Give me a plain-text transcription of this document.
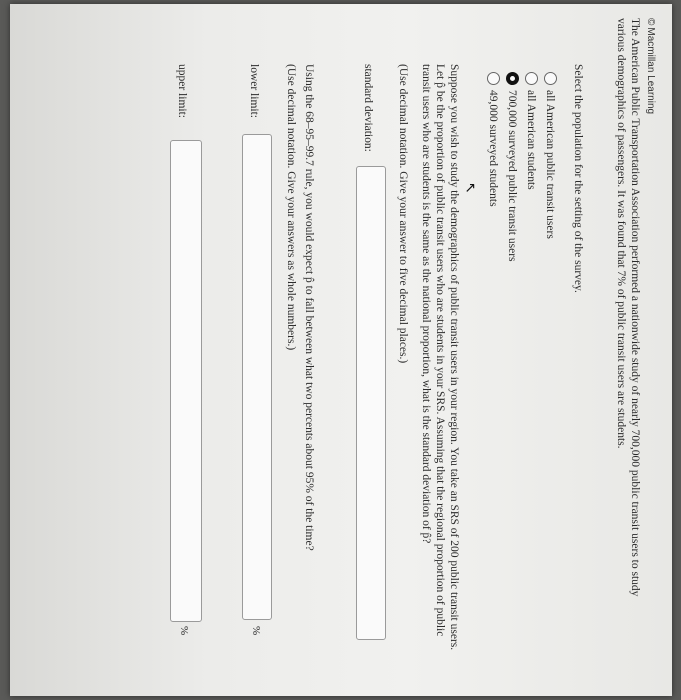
©Macmillan Learning
The American Public Transportation Association performed a nationwide study of nearly 700,000 public transit users to study
various demographics of passengers. It was found that 7% of public transit users are students.
Select the population for the setting of the survey.
all American public transit users
all American students
700,000 surveyed public transit users
49,000 surveyed students
↖
Suppose you wish to study the demographics of public transit users in your region. You take an SRS of 200 public transit users.
Let p̂ be the proportion of public transit users who are students in your SRS. Assuming that the regional proportion of public
transit users who are students is the same as the national proportion, what is the standard deviation of p̂?
(Use decimal notation. Give your answer to five decimal places.)
standard deviation:
Using the 68–95–99.7 rule, you would expect p̂ to fall between what two percents about 95% of the time?
(Use decimal notation. Give your answers as whole numbers.)
lower limit:
%
upper limit:
%
